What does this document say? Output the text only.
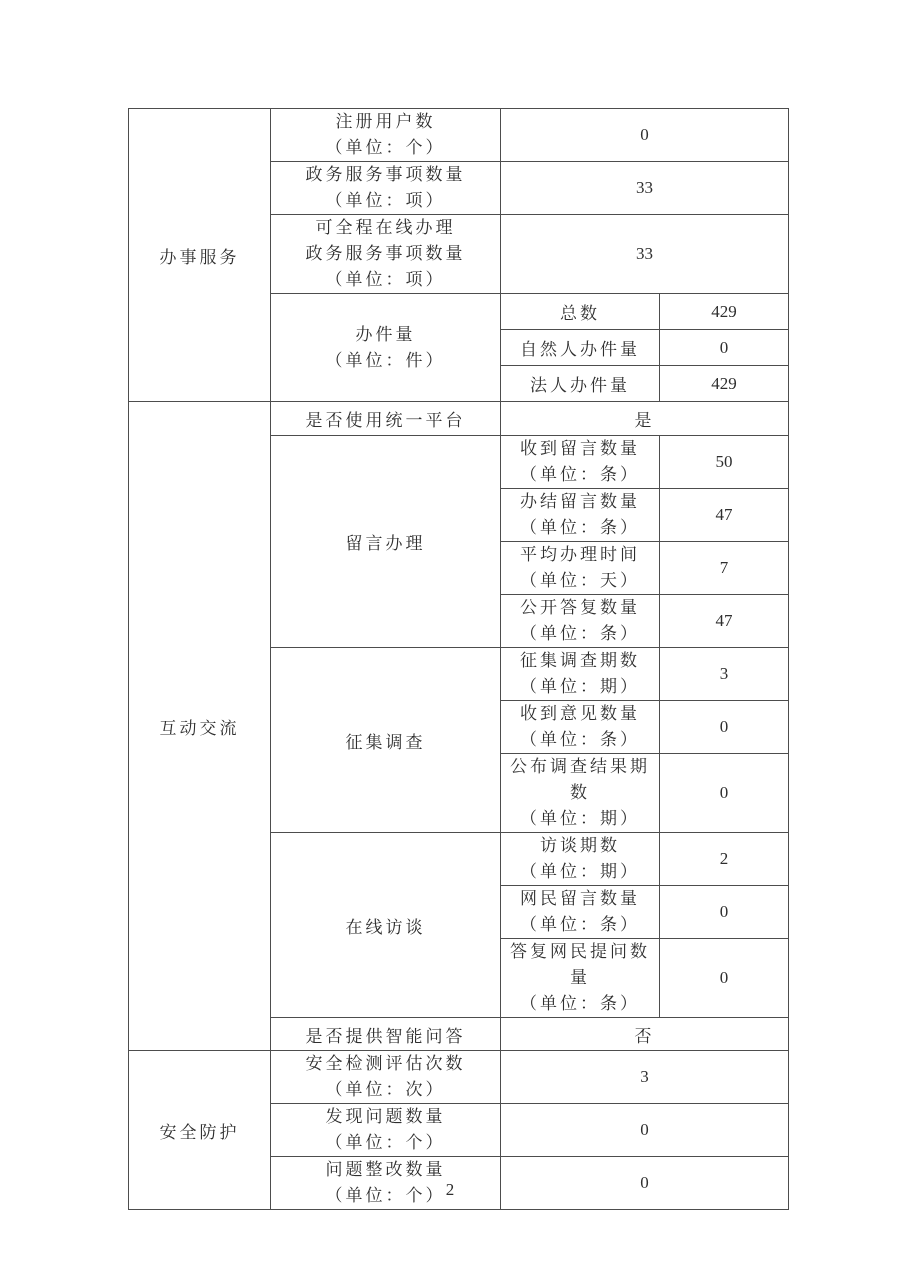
办事服务	注册用户数
（单位：个）	0	

	政务服务事项数量
（单位：项）	33	

	可全程在线办理
政务服务事项数量
（单位：项）	33	

	办件量
（单位：件）	总数	429
		自然人办件量	0
		法人办件量	429
互动交流	是否使用统一平台	是	
	留言办理	收到留言数量
（单位：条）	50

		办结留言数量
（单位：条）	47

		平均办理时间
（单位：天）	7

		公开答复数量
（单位：条）	47
	征集调查	征集调查期数
（单位：期）	3

		收到意见数量
（单位：条）	0

		公布调查结果期数
（单位：期）	0
	在线访谈	访谈期数
（单位：期）	2

		网民留言数量
（单位：条）	0

		答复网民提问数量
（单位：条）	0
	是否提供智能问答	否	
安全防护	安全检测评估次数
（单位：次）	3	

	发现问题数量
（单位：个）	0	

	问题整改数量
（单位：个）	0	
2
